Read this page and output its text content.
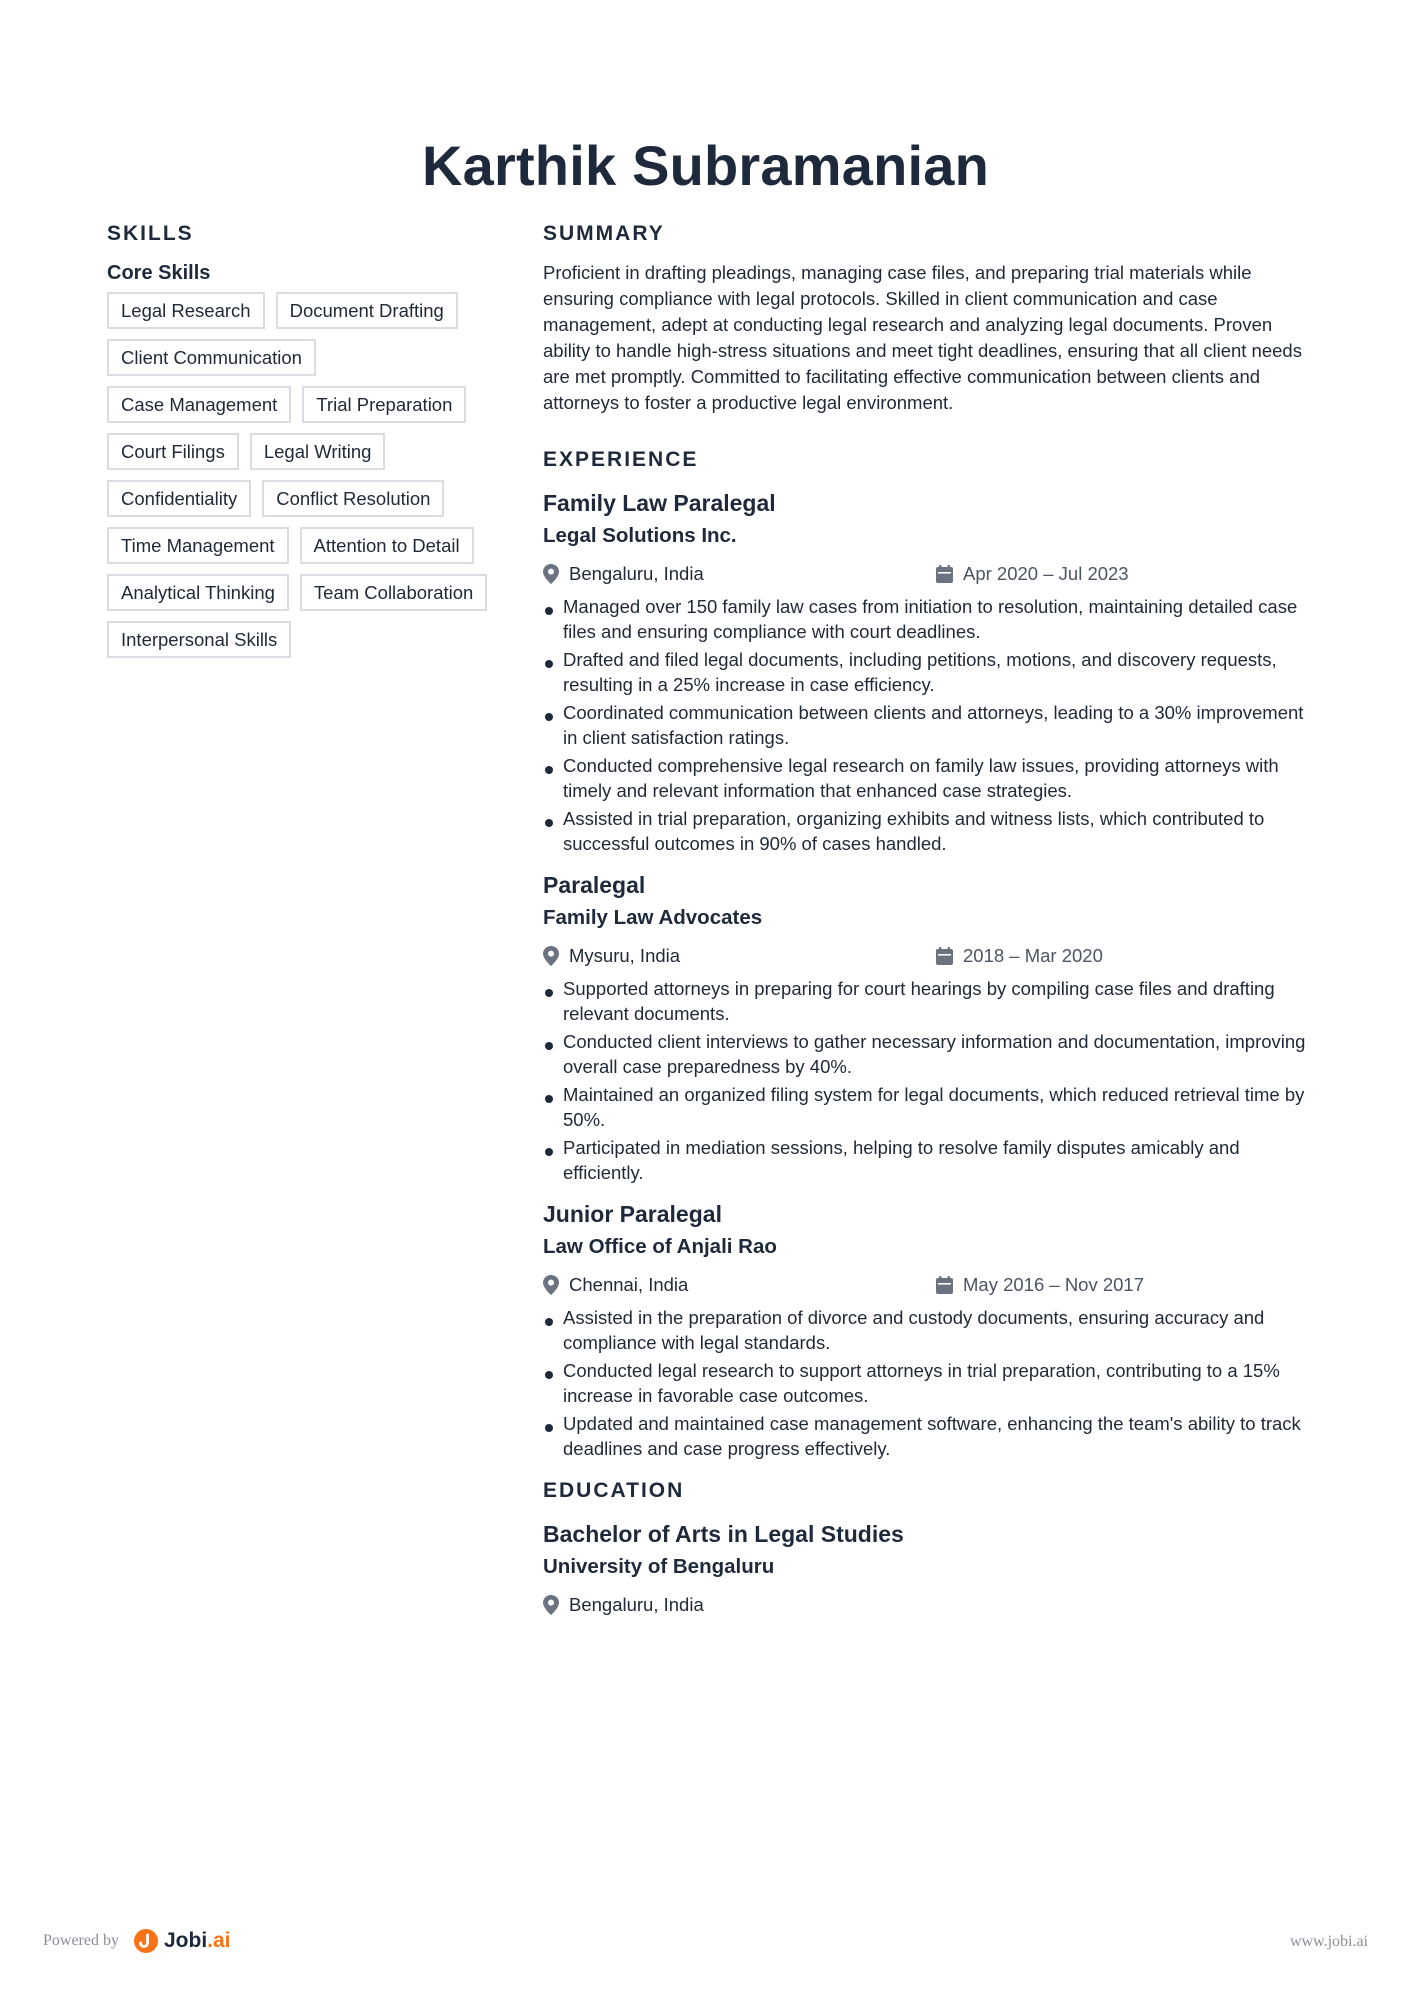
Karthik Subramanian
SKILLS
Core Skills
Legal Research	Document Drafting
Client Communication
Case Management	Trial Preparation
Court Filings	Legal Writing
Confidentiality	Conflict Resolution
Time Management	Attention to Detail
Analytical Thinking	Team Collaboration
Interpersonal Skills
SUMMARY

Proficient in drafting pleadings, managing case files, and preparing trial materials while ensuring compliance with legal protocols. Skilled in client communication and case management, adept at conducting legal research and analyzing legal documents. Proven ability to handle high-stress situations and meet tight deadlines, ensuring that all client needs are met promptly. Committed to facilitating effective communication between clients and attorneys to foster a productive legal environment.

EXPERIENCE
Family Law Paralegal
Legal Solutions Inc.
Bengaluru, India	Apr 2020 – Jul 2023
Managed over 150 family law cases from initiation to resolution, maintaining detailed case files and ensuring compliance with court deadlines.
Drafted and filed legal documents, including petitions, motions, and discovery requests, resulting in a 25% increase in case efficiency.
Coordinated communication between clients and attorneys, leading to a 30% improvement in client satisfaction ratings.
Conducted comprehensive legal research on family law issues, providing attorneys with timely and relevant information that enhanced case strategies.
Assisted in trial preparation, organizing exhibits and witness lists, which contributed to successful outcomes in 90% of cases handled.
Paralegal
Family Law Advocates
Mysuru, India	2018 – Mar 2020
Supported attorneys in preparing for court hearings by compiling case files and drafting relevant documents.
Conducted client interviews to gather necessary information and documentation, improving overall case preparedness by 40%.
Maintained an organized filing system for legal documents, which reduced retrieval time by 50%.
Participated in mediation sessions, helping to resolve family disputes amicably and efficiently.
Junior Paralegal
Law Office of Anjali Rao
Chennai, India	May 2016 – Nov 2017
Assisted in the preparation of divorce and custody documents, ensuring accuracy and compliance with legal standards.
Conducted legal research to support attorneys in trial preparation, contributing to a 15% increase in favorable case outcomes.
Updated and maintained case management software, enhancing the team's ability to track deadlines and case progress effectively.
EDUCATION
Bachelor of Arts in Legal Studies
University of Bengaluru
Bengaluru, India
Powered by Jobi.ai	www.jobi.ai
